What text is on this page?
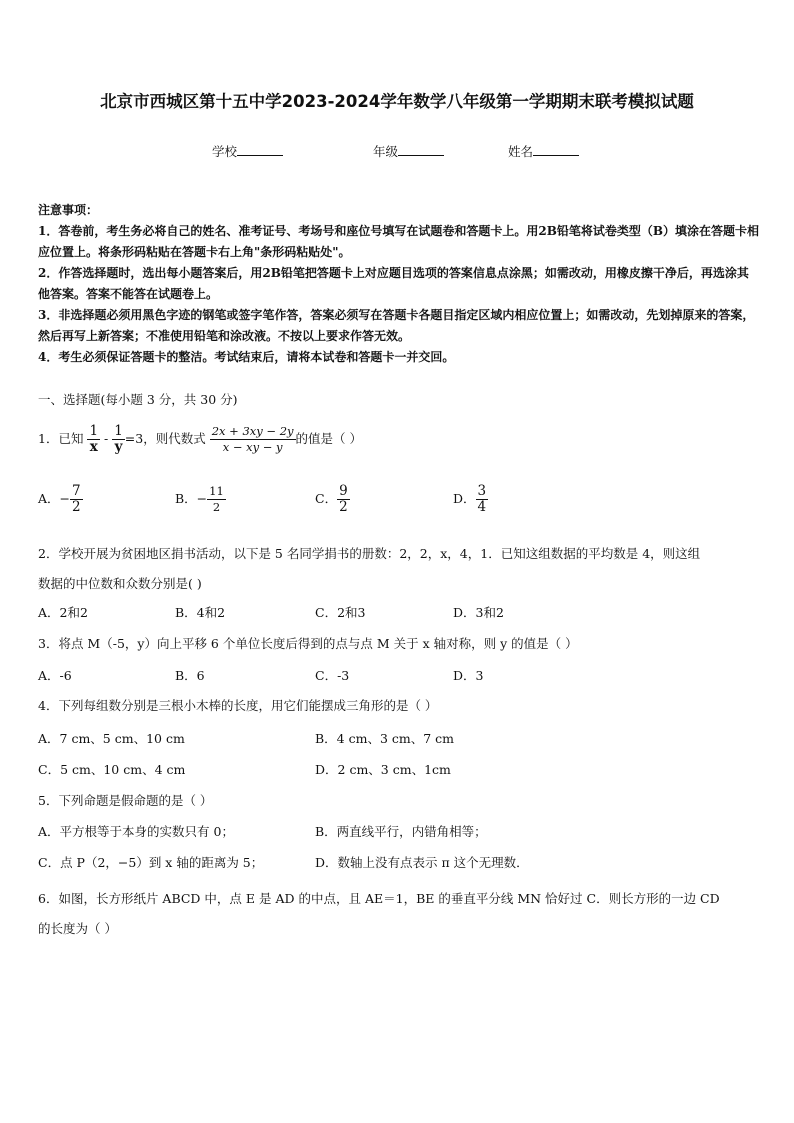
北京市西城区第十五中学2023-2024学年数学八年级第一学期期末联考模拟试题
学校	年级	姓名

注意事项：

1．答卷前，考生务必将自己的姓名、准考证号、考场号和座位号填写在试题卷和答题卡上。用2B铅笔将试卷类型（B）填涂在答题卡相应位置上。将条形码粘贴在答题卡右上角"条形码粘贴处"。

2．作答选择题时，选出每小题答案后，用2B铅笔把答题卡上对应题目选项的答案信息点涂黑；如需改动，用橡皮擦干净后，再选涂其他答案。答案不能答在试题卷上。

3．非选择题必须用黑色字迹的钢笔或签字笔作答，答案必须写在答题卡各题目指定区域内相应位置上；如需改动，先划掉原来的答案，然后再写上新答案；不准使用铅笔和涂改液。不按以上要求作答无效。

4．考生必须保证答题卡的整洁。考试结束后，请将本试卷和答题卡一并交回。

一、选择题(每小题 3 分，共 30 分)
1．已知 $\frac{1}{x} - \frac{1}{y} =3$，则代数式 $\frac{2x + 3xy - 2y}{x - xy - y}$ 的值是（ ）
A．− $\frac{7}{2}$	B．− $\frac{11}{2}$	C． $\frac{9}{2}$	D． $\frac{3}{4}$
2．学校开展为贫困地区捐书活动，以下是 5 名同学捐书的册数：2，2，x，4，1．已知这组数据的平均数是 4，则这组
数据的中位数和众数分别是( )
A．2和2	B．4和2	C．2和3	D．3和2
3．将点 M（-5，y）向上平移 6 个单位长度后得到的点与点 M 关于 x 轴对称，则 y 的值是（ ）
A．-6	B．6	C．-3	D．3
4．下列每组数分别是三根小木棒的长度，用它们能摆成三角形的是（ ）
A．7 cm、5 cm、10 cm	B．4 cm、3 cm、7 cm
C．5 cm、10 cm、4 cm	D．2 cm、3 cm、1cm
5．下列命题是假命题的是（ ）
A．平方根等于本身的实数只有 0；	B．两直线平行，内错角相等；
C．点 P（2，−5）到 x 轴的距离为 5；	D．数轴上没有点表示 π 这个无理数．
6．如图，长方形纸片 ABCD 中，点 E 是 AD 的中点，且 AE＝1，BE 的垂直平分线 MN 恰好过 C．则长方形的一边 CD
的长度为（ ）
